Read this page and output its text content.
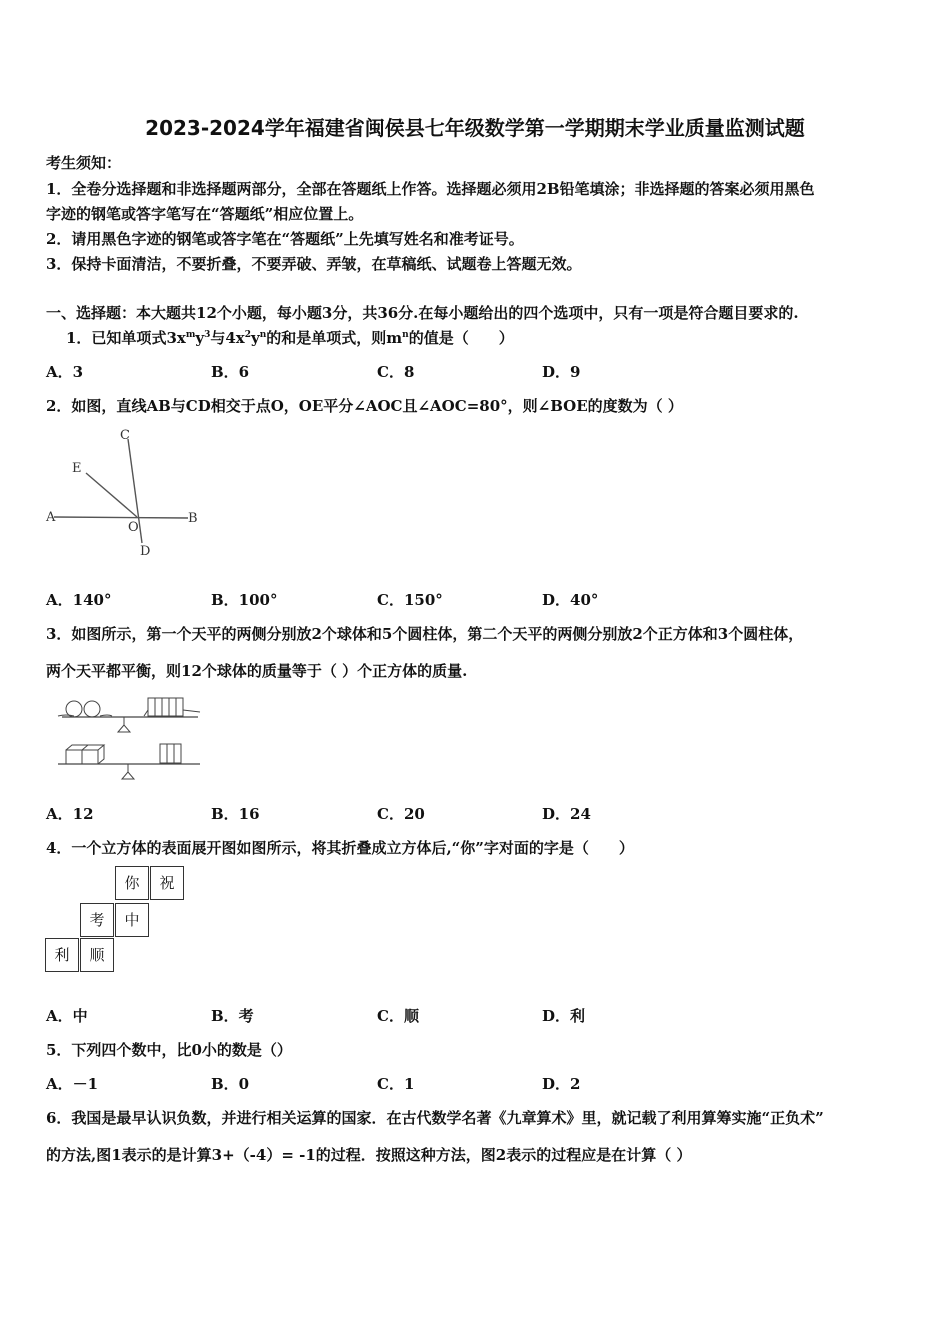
2023-2024学年福建省闽侯县七年级数学第一学期期末学业质量监测试题
考生须知：
1．全卷分选择题和非选择题两部分，全部在答题纸上作答。选择题必须用2B铅笔填涂；非选择题的答案必须用黑色
字迹的钢笔或答字笔写在“答题纸”相应位置上。
2．请用黑色字迹的钢笔或答字笔在“答题纸”上先填写姓名和准考证号。
3．保持卡面清洁，不要折叠，不要弄破、弄皱，在草稿纸、试题卷上答题无效。
一、选择题：本大题共12个小题，每小题3分，共36分.在每小题给出的四个选项中，只有一项是符合题目要求的.
1．已知单项式$3x^my^3$与$4x^2y^n$的和是单项式，则$m^n$的值是（　　）
A．3	B．6	C．8	D．9
2．如图，直线AB与CD相交于点O，OE平分∠AOC且∠AOC=80°，则∠BOE的度数为（ ）
C
E
A
O
B
D
A．140°	B．100°	C．150°	D．40°
3．如图所示，第一个天平的两侧分别放2个球体和5个圆柱体，第二个天平的两侧分别放2个正方体和3个圆柱体，
两个天平都平衡，则12个球体的质量等于（ ）个正方体的质量.
A．12	B．16	C．20	D．24
4．一个立方体的表面展开图如图所示，将其折叠成立方体后,“你”字对面的字是（　　）
你	祝
考	中
利	顺
A．中	B．考	C．顺	D．利
5．下列四个数中，比0小的数是（）
A．－1	B．0	C．1	D．2
6．我国是最早认识负数，并进行相关运算的国家．在古代数学名著《九章算术》里，就记载了利用算筹实施“正负术”
的方法,图1表示的是计算3+（-4）= -1的过程．按照这种方法，图2表示的过程应是在计算（ ）
